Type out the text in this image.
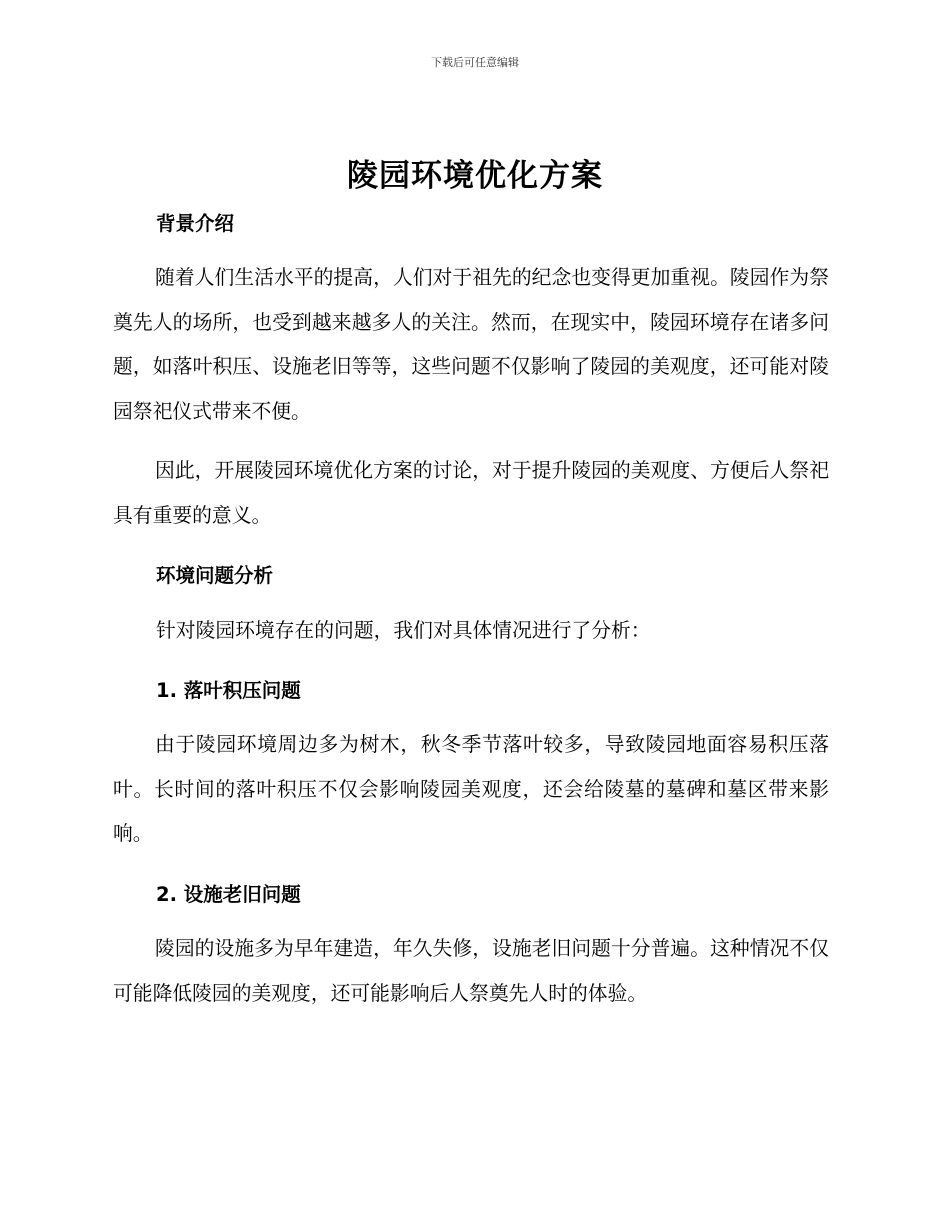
下载后可任意编辑
陵园环境优化方案
背景介绍

随着人们生活水平的提高，人们对于祖先的纪念也变得更加重视。陵园作为祭奠先人的场所，也受到越来越多人的关注。然而，在现实中，陵园环境存在诸多问题，如落叶积压、设施老旧等等，这些问题不仅影响了陵园的美观度，还可能对陵园祭祀仪式带来不便。

因此，开展陵园环境优化方案的讨论，对于提升陵园的美观度、方便后人祭祀具有重要的意义。

环境问题分析

针对陵园环境存在的问题，我们对具体情况进行了分析：

1. 落叶积压问题

由于陵园环境周边多为树木，秋冬季节落叶较多，导致陵园地面容易积压落叶。长时间的落叶积压不仅会影响陵园美观度，还会给陵墓的墓碑和墓区带来影响。

2. 设施老旧问题

陵园的设施多为早年建造，年久失修，设施老旧问题十分普遍。这种情况不仅可能降低陵园的美观度，还可能影响后人祭奠先人时的体验。
